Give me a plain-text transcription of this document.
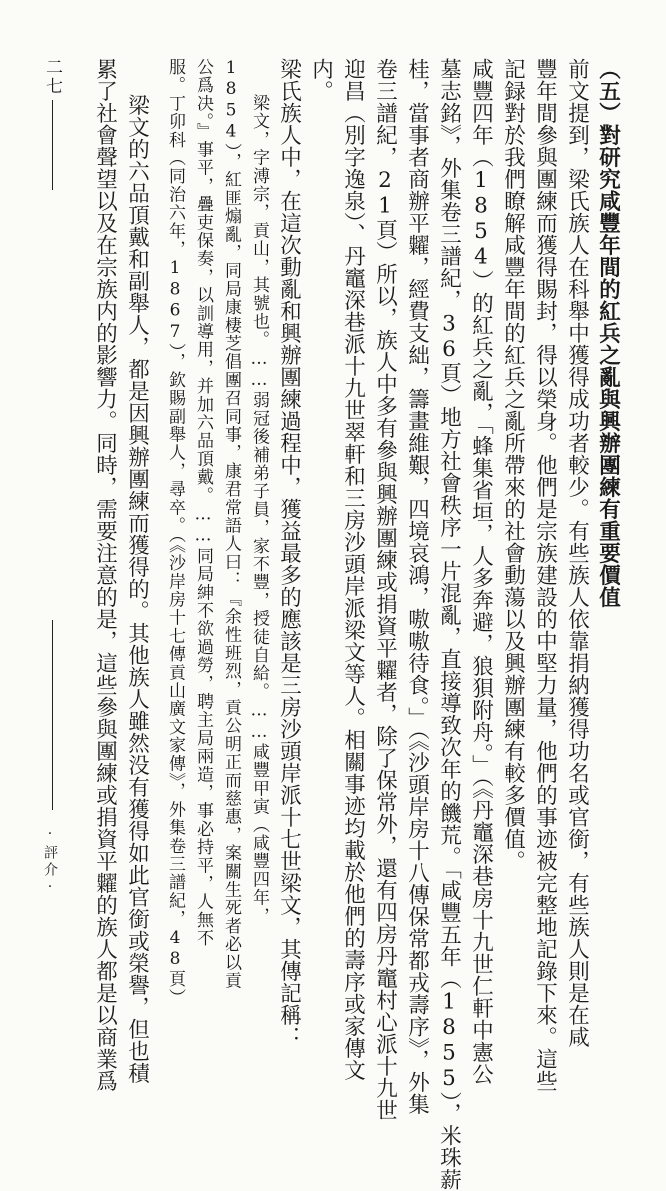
（五）對研究咸豐年間的紅兵之亂與興辦團練有重要價值
前文提到，梁氏族人在科舉中獲得成功者較少。有些族人依靠捐納獲得功名或官銜，有些族人則是在咸
豐年間參與團練而獲得賜封，得以榮身。他們是宗族建設的中堅力量，他們的事迹被完整地記錄下來。這些
記録對於我們瞭解咸豐年間的紅兵之亂所帶來的社會動蕩以及興辦團練有較多價值。
咸豐四年（1854）的紅兵之亂，「蜂集省垣，人多奔避，狼狽附舟。」（《丹竈深巷房十九世仁軒中憲公
墓志銘》，外集卷三譜紀，36頁）地方社會秩序一片混亂，直接導致次年的饑荒。「咸豐五年（1855），米珠薪
桂，當事者商辦平糶，經費支絀，籌畫維艱，四境哀鴻，嗷嗷待食。」（《沙頭岸房十八傳保常都戎壽序》，外集
卷三譜紀，21頁）所以，族人中多有參與興辦團練或捐資平糶者，除了保常外，還有四房丹竈村心派十九世
迎昌（別字逸泉）、丹竈深巷派十九世翠軒和三房沙頭岸派梁文等人。相關事迹均載於他們的壽序或家傳文
内。
梁氏族人中，在這次動亂和興辦團練過程中，獲益最多的應該是三房沙頭岸派十七世梁文，其傳記稱：
梁文，字溥宗，貢山，其號也。……弱冠後補弟子員，家不豐，授徒自給。……咸豐甲寅（咸豐四年，
1854），紅匪煽亂，同局康棲芝倡團召同事，康君常語人曰：『余性班烈，貢公明正而慈惠，案關生死者必以貢
公爲决。』事平，疊吏保奏，以訓導用，并加六品頂戴。……同局紳不欲過勞，聘主局兩造，事必持平，人無不
服。丁卯科（同治六年，1867），欽賜副舉人，尋卒。（《沙岸房十七傳貢山廣文家傳》，外集卷三譜紀，48頁）
梁文的六品頂戴和副舉人，都是因興辦團練而獲得的。其他族人雖然没有獲得如此官銜或榮譽，但也積
累了社會聲望以及在宗族内的影響力。同時，需要注意的是，這些參與團練或捐資平糶的族人都是以商業爲
二七
·評介·
